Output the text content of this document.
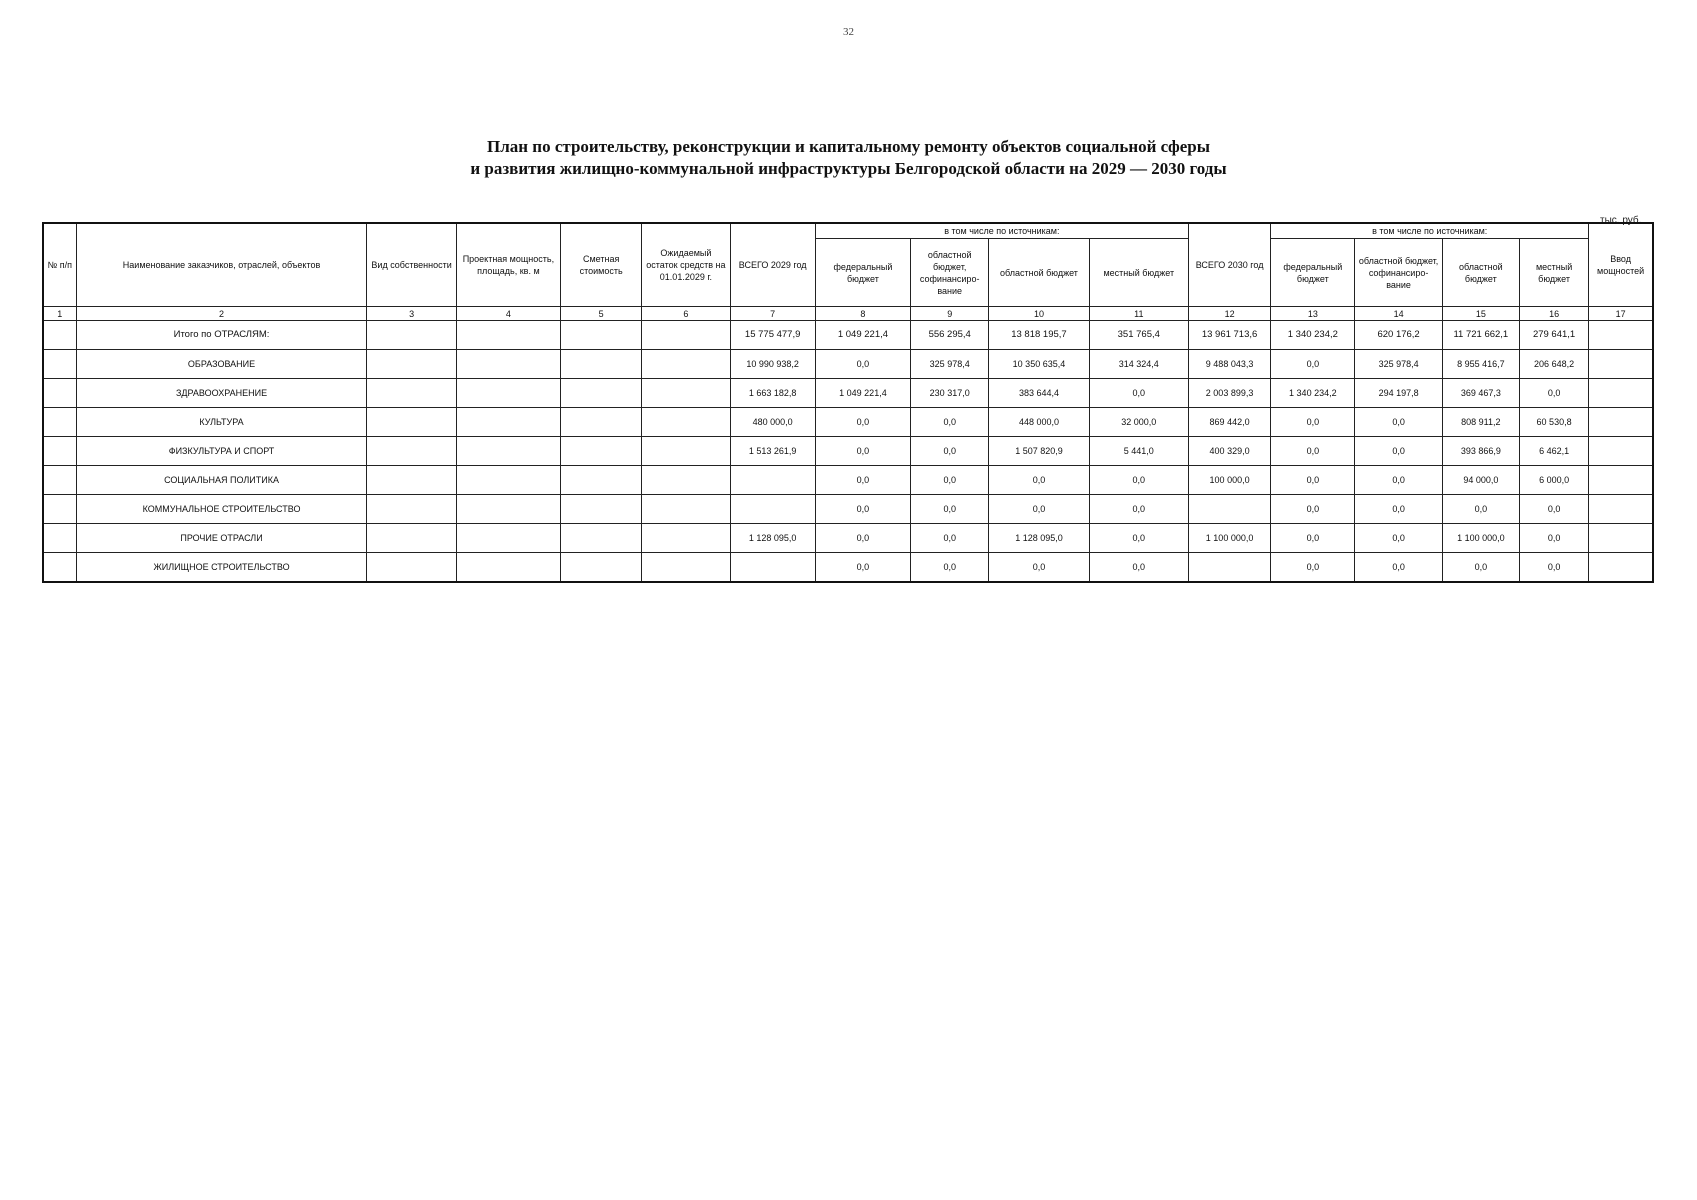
32
План по строительству, реконструкции и капитальному ремонту объектов социальной сферы
и развития жилищно-коммунальной инфраструктуры Белгородской области на 2029 — 2030 годы
тыс. руб.
№ п/п	Наименование заказчиков, отраслей, объектов	Вид собственности	Проектная мощность, площадь, кв. м	Сметная стоимость	Ожидаемый остаток средств на 01.01.2029 г.	ВСЕГО 2029 год	в том числе по источникам:				ВСЕГО 2030 год	в том числе по источникам:				Ввод мощностей
							федеральный бюджет	областной бюджет, софинансиро-вание	областной бюджет	местный бюджет		федеральный бюджет	областной бюджет, софинансиро-вание	областной бюджет	местный бюджет	
1	2	3	4	5	6	7	8	9	10	11	12	13	14	15	16	17
	Итого по ОТРАСЛЯМ:					15 775 477,9	1 049 221,4	556 295,4	13 818 195,7	351 765,4	13 961 713,6	1 340 234,2	620 176,2	11 721 662,1	279 641,1	
	ОБРАЗОВАНИЕ					10 990 938,2	0,0	325 978,4	10 350 635,4	314 324,4	9 488 043,3	0,0	325 978,4	8 955 416,7	206 648,2	
	ЗДРАВООХРАНЕНИЕ					1 663 182,8	1 049 221,4	230 317,0	383 644,4	0,0	2 003 899,3	1 340 234,2	294 197,8	369 467,3	0,0	
	КУЛЬТУРА					480 000,0	0,0	0,0	448 000,0	32 000,0	869 442,0	0,0	0,0	808 911,2	60 530,8	
	ФИЗКУЛЬТУРА И СПОРТ					1 513 261,9	0,0	0,0	1 507 820,9	5 441,0	400 329,0	0,0	0,0	393 866,9	6 462,1	
	СОЦИАЛЬНАЯ ПОЛИТИКА						0,0	0,0	0,0	0,0	100 000,0	0,0	0,0	94 000,0	6 000,0	
	КОММУНАЛЬНОЕ СТРОИТЕЛЬСТВО						0,0	0,0	0,0	0,0		0,0	0,0	0,0	0,0	
	ПРОЧИЕ ОТРАСЛИ					1 128 095,0	0,0	0,0	1 128 095,0	0,0	1 100 000,0	0,0	0,0	1 100 000,0	0,0	
	ЖИЛИЩНОЕ СТРОИТЕЛЬСТВО						0,0	0,0	0,0	0,0		0,0	0,0	0,0	0,0	
